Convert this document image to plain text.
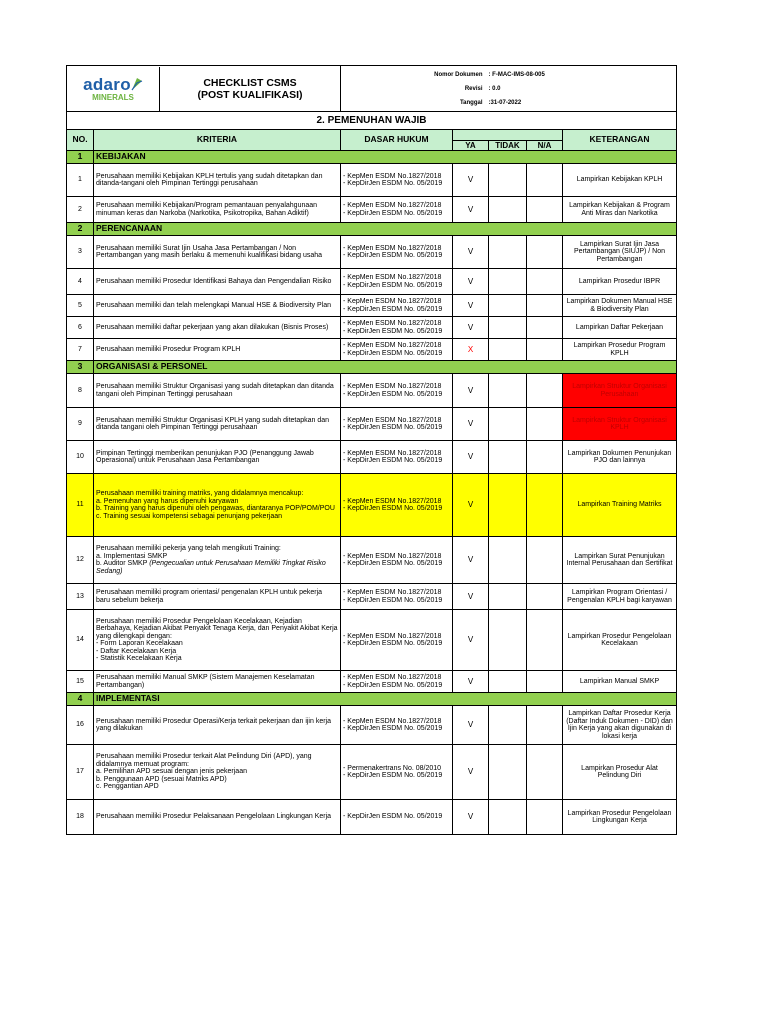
adaro
MINERALS

CHECKLIST CSMS
(POST KUALIFIKASI)

Nomor Dokumen
Revisi
Tanggal

: F-MAC-IMS-08-005
: 0.0
:31-07-2022

2. PEMENUHAN WAJIB
NO.	KRITERIA	DASAR HUKUM		KETERANGAN
YA	TIDAK	N/A
1	KEBIJAKAN
1	Perusahaan memiliki Kebijakan KPLH tertulis yang sudah ditetapkan dan ditanda-tangani oleh Pimpinan Tertinggi perusahaan	- KepMen ESDM No.1827/2018
- KepDirJen ESDM No. 05/2019	V			Lampirkan Kebijakan KPLH
2	Perusahaan memiliki Kebijakan/Program pemantauan penyalahgunaan minuman keras dan Narkoba (Narkotika, Psikotropika, Bahan Adiktif)	- KepMen ESDM No.1827/2018
- KepDirJen ESDM No. 05/2019	V			Lampirkan Kebijakan & Program Anti Miras dan Narkotika
2	PERENCANAAN
3	Perusahaan memiliki Surat Ijin Usaha Jasa Pertambangan / Non Pertambangan yang masih berlaku & memenuhi kualifikasi bidang usaha	- KepMen ESDM No.1827/2018
- KepDirJen ESDM No. 05/2019	V			Lampirkan Surat Ijin Jasa Pertambangan (SIUJP) / Non Pertambangan
4	Perusahaan memiliki Prosedur Identifikasi Bahaya dan Pengendalian Risiko	- KepMen ESDM No.1827/2018
- KepDirJen ESDM No. 05/2019	V			Lampirkan Prosedur IBPR
5	Perusahaan memiliki dan telah melengkapi Manual HSE & Biodiversity Plan	- KepMen ESDM No.1827/2018
- KepDirJen ESDM No. 05/2019	V			Lampirkan Dokumen Manual HSE & Biodiversity Plan
6	Perusahaan memiliki daftar pekerjaan yang akan dilakukan (Bisnis Proses)	- KepMen ESDM No.1827/2018
- KepDirJen ESDM No. 05/2019	V			Lampirkan Daftar Pekerjaan
7	Perusahaan memiliki Prosedur Program KPLH	- KepMen ESDM No.1827/2018
- KepDirJen ESDM No. 05/2019	X			Lampirkan Prosedur Program KPLH
3	ORGANISASI & PERSONEL
8	Perusahaan memiliki Struktur Organisasi yang sudah ditetapkan dan ditanda tangani oleh Pimpinan Tertinggi perusahaan	- KepMen ESDM No.1827/2018
- KepDirJen ESDM No. 05/2019	V			Lampirkan Struktur Organisasi Perusahaan
9	Perusahaan memiliki Struktur Organisasi KPLH yang sudah ditetapkan dan ditanda tangani oleh Pimpinan Tertinggi perusahaan	- KepMen ESDM No.1827/2018
- KepDirJen ESDM No. 05/2019	V			Lampirkan Struktur Organisasi KPLH
10	Pimpinan Tertinggi memberikan penunjukan PJO (Penanggung Jawab Operasional) untuk Perusahaan Jasa Pertambangan	- KepMen ESDM No.1827/2018
- KepDirJen ESDM No. 05/2019	V			Lampirkan Dokumen Penunjukan PJO dan lainnya
11	Perusahaan memiliki training matriks, yang didalamnya mencakup:
a. Pemenuhan yang harus dipenuhi karyawan
b. Training yang harus dipenuhi oleh pengawas, diantaranya POP/POM/POU
c. Training sesuai kompetensi sebagai penunjang pekerjaan	- KepMen ESDM No.1827/2018
- KepDirJen ESDM No. 05/2019	V			Lampirkan Training Matriks
12	Perusahaan memiliki pekerja yang telah mengikuti Training:
a. Implementasi SMKP
b. Auditor SMKP (Pengecualian untuk Perusahaan Memiliki Tingkat Risiko Sedang)	- KepMen ESDM No.1827/2018
- KepDirJen ESDM No. 05/2019	V			Lampirkan Surat Penunjukan Internal Perusahaan dan Sertifikat
13	Perusahaan memiliki program orientasi/ pengenalan KPLH untuk pekerja baru sebelum bekerja	- KepMen ESDM No.1827/2018
- KepDirJen ESDM No. 05/2019	V			Lampirkan Program Orientasi / Pengenalan KPLH bagi karyawan
14	Perusahaan memiliki Prosedur Pengelolaan Kecelakaan, Kejadian Berbahaya, Kejadian Akibat Penyakit Tenaga Kerja, dan Penyakit Akibat Kerja yang dilengkapi dengan:
- Form Laporan Kecelakaan
- Daftar Kecelakaan Kerja
- Statistik Kecelakaan Kerja	- KepMen ESDM No.1827/2018
- KepDirJen ESDM No. 05/2019	V			Lampirkan Prosedur Pengelolaan Kecelakaan
15	Perusahaan memiliki Manual SMKP (Sistem Manajemen Keselamatan Pertambangan)	- KepMen ESDM No.1827/2018
- KepDirJen ESDM No. 05/2019	V			Lampirkan Manual SMKP
4	IMPLEMENTASI
16	Perusahaan memiliki Prosedur Operasi/Kerja terkait pekerjaan dan ijin kerja yang dilakukan	- KepMen ESDM No.1827/2018
- KepDirJen ESDM No. 05/2019	V			Lampirkan Daftar Prosedur Kerja (Daftar Induk Dokumen - DID) dan Ijin Kerja yang akan digunakan di lokasi kerja
17	Perusahaan memiliki Prosedur terkait Alat Pelindung Diri (APD), yang didalamnya memuat program:
a. Pemilihan APD sesuai dengan jenis pekerjaan
b. Penggunaan APD (sesuai Matriks APD)
c. Penggantian APD	- Permenakertrans No. 08/2010
- KepDirJen ESDM No. 05/2019	V			Lampirkan Prosedur Alat Pelindung Diri
18	Perusahaan memiliki Prosedur Pelaksanaan Pengelolaan Lingkungan Kerja	- KepDirJen ESDM No. 05/2019	V			Lampirkan Prosedur Pengelolaan Lingkungan Kerja
